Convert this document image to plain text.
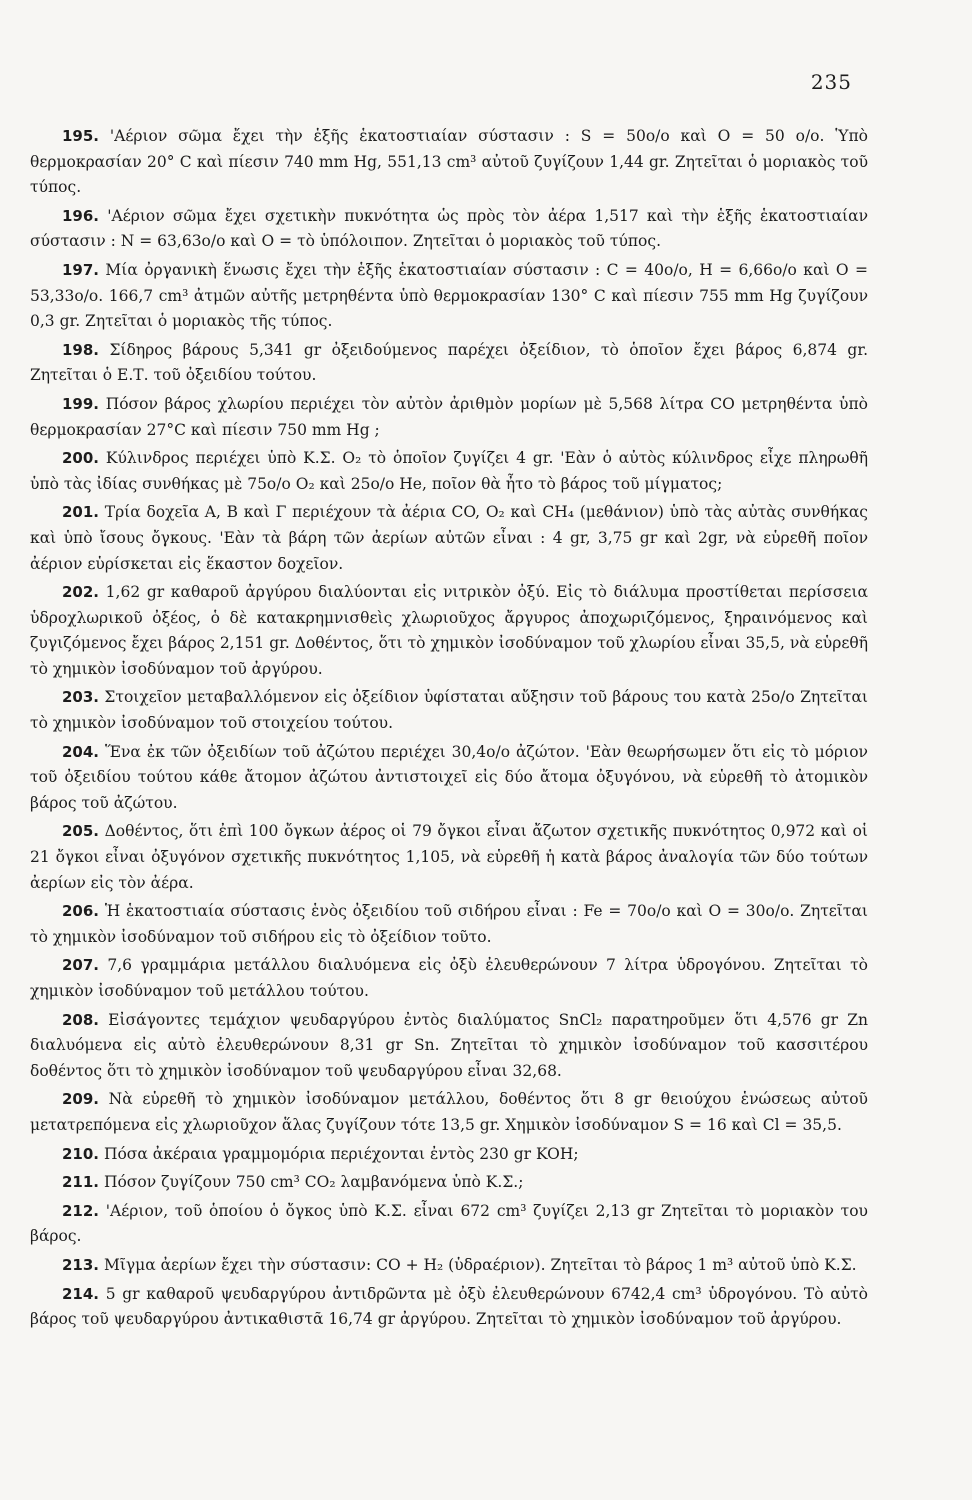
235

195. 'Αέριον σῶμα ἔχει τὴν ἑξῆς ἑκατοστιαίαν σύστασιν : S = 50ο/ο καὶ O = 50 ο/ο. Ὑπὸ θερμοκρασίαν 20° C καὶ πίεσιν 740 mm Hg, 551,13 cm³ αὐτοῦ ζυγίζουν 1,44 gr. Ζητεῖται ὁ μοριακὸς τοῦ τύπος.

196. 'Αέριον σῶμα ἔχει σχετικὴν πυκνότητα ὡς πρὸς τὸν ἀέρα 1,517 καὶ τὴν ἑξῆς ἑκατοστιαίαν σύστασιν : N = 63,63ο/ο καὶ O = τὸ ὑπόλοιπον. Ζητεῖται ὁ μοριακὸς τοῦ τύπος.

197. Μία ὀργανικὴ ἕνωσις ἔχει τὴν ἑξῆς ἑκατοστιαίαν σύστασιν : C = 40ο/ο, H = 6,66ο/ο καὶ O = 53,33ο/ο. 166,7 cm³ ἀτμῶν αὐτῆς μετρηθέντα ὑπὸ θερμοκρασίαν 130° C καὶ πίεσιν 755 mm Hg ζυγίζουν 0,3 gr. Ζητεῖται ὁ μοριακὸς τῆς τύπος.

198. Σίδηρος βάρους 5,341 gr ὀξειδούμενος παρέχει ὀξείδιον, τὸ ὁποῖον ἔχει βάρος 6,874 gr. Ζητεῖται ὁ Ε.Τ. τοῦ ὀξειδίου τούτου.

199. Πόσον βάρος χλωρίου περιέχει τὸν αὐτὸν ἀριθμὸν μορίων μὲ 5,568 λίτρα CO μετρηθέντα ὑπὸ θερμοκρασίαν 27°C καὶ πίεσιν 750 mm Hg ;

200. Κύλινδρος περιέχει ὑπὸ Κ.Σ. O₂ τὸ ὁποῖον ζυγίζει 4 gr. 'Εὰν ὁ αὐτὸς κύλινδρος εἶχε πληρωθῆ ὑπὸ τὰς ἰδίας συνθήκας μὲ 75ο/ο O₂ καὶ 25ο/ο He, ποῖον θὰ ἦτο τὸ βάρος τοῦ μίγματος;

201. Τρία δοχεῖα Α, Β καὶ Γ περιέχουν τὰ ἀέρια CO, O₂ καὶ CH₄ (μεθάνιον) ὑπὸ τὰς αὐτὰς συνθήκας καὶ ὑπὸ ἴσους ὄγκους. 'Εὰν τὰ βάρη τῶν ἀερίων αὐτῶν εἶναι : 4 gr, 3,75 gr καὶ 2gr, νὰ εὑρεθῆ ποῖον ἀέριον εὑρίσκεται εἰς ἕκαστον δοχεῖον.

202. 1,62 gr καθαροῦ ἀργύρου διαλύονται εἰς νιτρικὸν ὀξύ. Εἰς τὸ διάλυμα προστίθεται περίσσεια ὑδροχλωρικοῦ ὀξέος, ὁ δὲ κατακρημνισθεὶς χλωριοῦχος ἄργυρος ἀποχωριζόμενος, ξηραινόμενος καὶ ζυγιζόμενος ἔχει βάρος 2,151 gr. Δοθέντος, ὅτι τὸ χημικὸν ἰσοδύναμον τοῦ χλωρίου εἶναι 35,5, νὰ εὑρεθῆ τὸ χημικὸν ἰσοδύναμον τοῦ ἀργύρου.

203. Στοιχεῖον μεταβαλλόμενον εἰς ὀξείδιον ὑφίσταται αὔξησιν τοῦ βάρους του κατὰ 25ο/ο Ζητεῖται τὸ χημικὸν ἰσοδύναμον τοῦ στοιχείου τούτου.

204. Ἕνα ἐκ τῶν ὀξειδίων τοῦ ἀζώτου περιέχει 30,4ο/ο ἀζώτον. 'Εὰν θεωρήσωμεν ὅτι εἰς τὸ μόριον τοῦ ὀξειδίου τούτου κάθε ἄτομον ἀζώτου ἀντιστοιχεῖ εἰς δύο ἄτομα ὀξυγόνου, νὰ εὑρεθῆ τὸ ἀτομικὸν βάρος τοῦ ἀζώτου.

205. Δοθέντος, ὅτι ἐπὶ 100 ὄγκων ἀέρος οἱ 79 ὄγκοι εἶναι ἄζωτον σχετικῆς πυκνότητος 0,972 καὶ οἱ 21 ὄγκοι εἶναι ὀξυγόνον σχετικῆς πυκνότητος 1,105, νὰ εὑρεθῆ ἡ κατὰ βάρος ἀναλογία τῶν δύο τούτων ἀερίων εἰς τὸν ἀέρα.

206. Ἡ ἑκατοστιαία σύστασις ἑνὸς ὀξειδίου τοῦ σιδήρου εἶναι : Fe = 70ο/ο καὶ O = 30ο/ο. Ζητεῖται τὸ χημικὸν ἰσοδύναμον τοῦ σιδήρου εἰς τὸ ὀξείδιον τοῦτο.

207. 7,6 γραμμάρια μετάλλου διαλυόμενα εἰς ὀξὺ ἐλευθερώνουν 7 λίτρα ὑδρογόνου. Ζητεῖται τὸ χημικὸν ἰσοδύναμον τοῦ μετάλλου τούτου.

208. Εἰσάγοντες τεμάχιον ψευδαργύρου ἐντὸς διαλύματος SnCl₂ παρατηροῦμεν ὅτι 4,576 gr Zn διαλυόμενα εἰς αὐτὸ ἐλευθερώνουν 8,31 gr Sn. Ζητεῖται τὸ χημικὸν ἰσοδύναμον τοῦ κασσιτέρου δοθέντος ὅτι τὸ χημικὸν ἰσοδύναμον τοῦ ψευδαργύρου εἶναι 32,68.

209. Νὰ εὑρεθῆ τὸ χημικὸν ἰσοδύναμον μετάλλου, δοθέντος ὅτι 8 gr θειούχου ἑνώσεως αὐτοῦ μετατρεπόμενα εἰς χλωριοῦχον ἅλας ζυγίζουν τότε 13,5 gr. Χημικὸν ἰσοδύναμον S = 16 καὶ Cl = 35,5.

210. Πόσα ἀκέραια γραμμομόρια περιέχονται ἐντὸς 230 gr KOH;

211. Πόσον ζυγίζουν 750 cm³ CO₂ λαμβανόμενα ὑπὸ Κ.Σ.;

212. 'Αέριον, τοῦ ὁποίου ὁ ὄγκος ὑπὸ Κ.Σ. εἶναι 672 cm³ ζυγίζει 2,13 gr Ζητεῖται τὸ μοριακὸν του βάρος.

213. Μῖγμα ἀερίων ἔχει τὴν σύστασιν: CO + H₂ (ὑδραέριον). Ζητεῖται τὸ βάρος 1 m³ αὐτοῦ ὑπὸ Κ.Σ.

214. 5 gr καθαροῦ ψευδαργύρου ἀντιδρῶντα μὲ ὀξὺ ἐλευθερώνουν 6742,4 cm³ ὑδρογόνου. Τὸ αὐτὸ βάρος τοῦ ψευδαργύρου ἀντικαθιστᾶ 16,74 gr ἀργύρου. Ζητεῖται τὸ χημικὸν ἰσοδύναμον τοῦ ἀργύρου.
